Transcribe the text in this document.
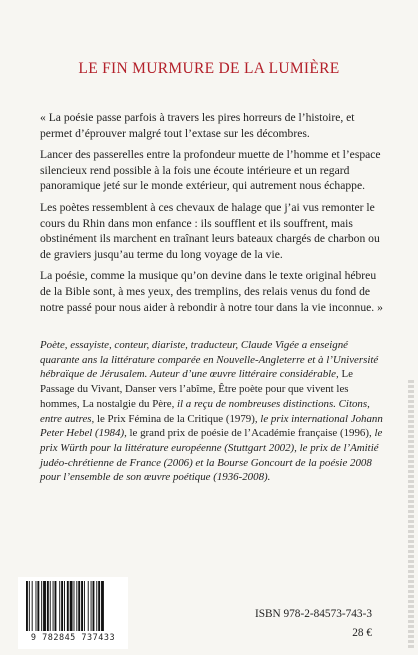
LE FIN MURMURE DE LA LUMIÈRE

« La poésie passe parfois à travers les pires horreurs de l’histoire, et permet d’éprouver malgré tout l’extase sur les décombres.

Lancer des passerelles entre la profondeur muette de l’homme et l’espace silencieux rend possible à la fois une écoute intérieure et un regard panoramique jeté sur le monde extérieur, qui autrement nous échappe.

Les poètes ressemblent à ces chevaux de halage que j’ai vus remonter le cours du Rhin dans mon enfance : ils soufflent et ils souffrent, mais obstinément ils marchent en traînant leurs bateaux chargés de charbon ou de graviers jusqu’au terme du long voyage de la vie.

La poésie, comme la musique qu’on devine dans le texte original hébreu de la Bible sont, à mes yeux, des tremplins, des relais venus du fond de notre passé pour nous aider à rebondir à notre tour dans la vie inconnue. »

Poète, essayiste, conteur, diariste, traducteur, Claude Vigée a enseigné quarante ans la littérature comparée en Nouvelle-Angleterre et à l’Université hébraïque de Jérusalem. Auteur d’une œuvre littéraire considérable, Le Passage du Vivant, Danser vers l’abîme, Être poète pour que vivent les hommes, La nostalgie du Père, il a reçu de nombreuses distinctions. Citons, entre autres, le Prix Fémina de la Critique (1979), le prix international Johann Peter Hebel (1984), le grand prix de poésie de l’Académie française (1996), le prix Würth pour la littérature européenne (Stuttgart 2002), le prix de l’Amitié judéo-chrétienne de France (2006) et la Bourse Goncourt de la poésie 2008 pour l’ensemble de son œuvre poétique (1936-2008).
9 782845 737433
ISBN 978-2-84573-743-3
28 €
